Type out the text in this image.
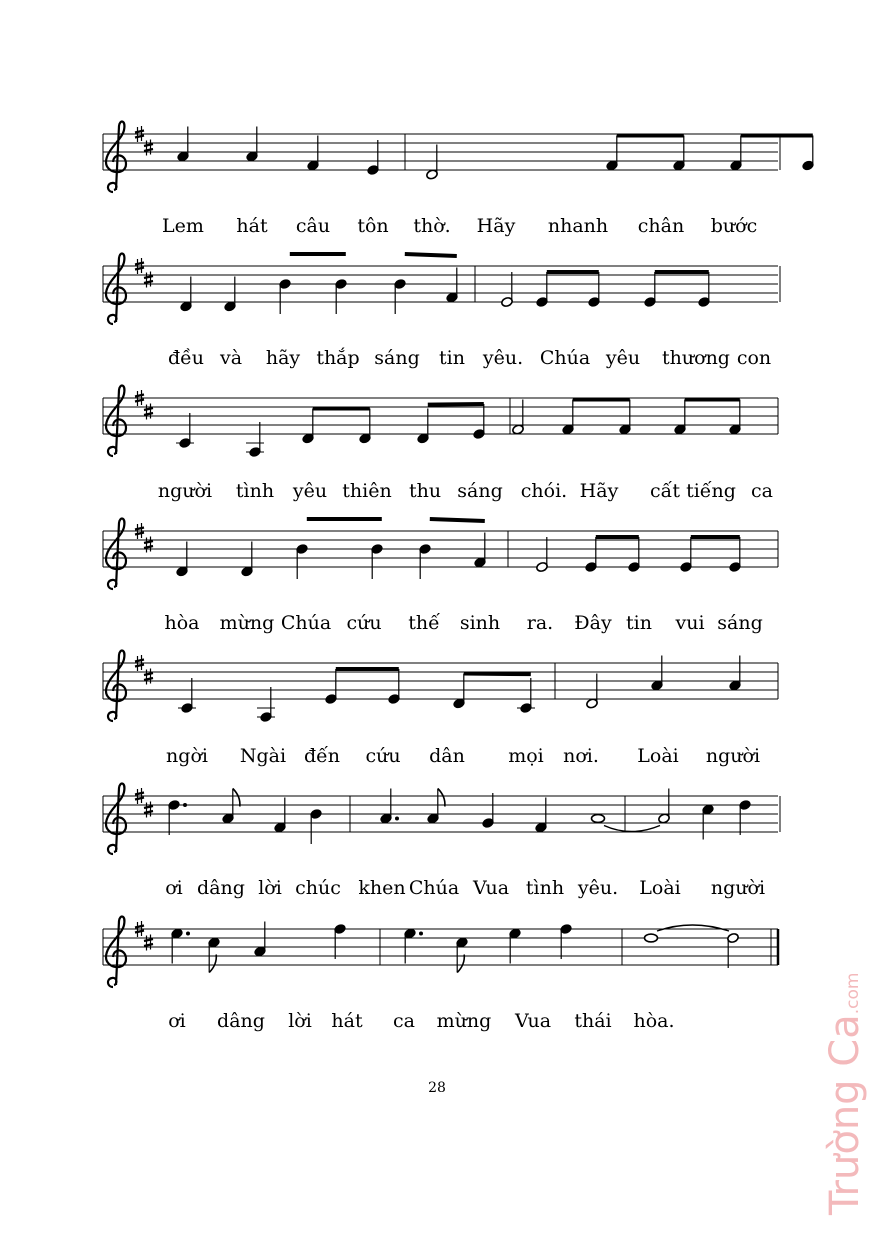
Lem hát câu tôn thờ. Hãy nhanh chân bước
đều và hãy thắp sáng tin yêu. Chúa yêu thương con
người tình yêu thiên thu sáng chói. Hãy cất tiếng ca
hòa mừng Chúa cứu thế sinh ra. Đây tin vui sáng
ngời Ngài đến cứu dân mọi nơi. Loài người
ơi dâng lời chúc khen Chúa Vua tình yêu. Loài người
ơi dâng lời hát ca mừng Vua thái hòa.
28	Trường Ca.com
